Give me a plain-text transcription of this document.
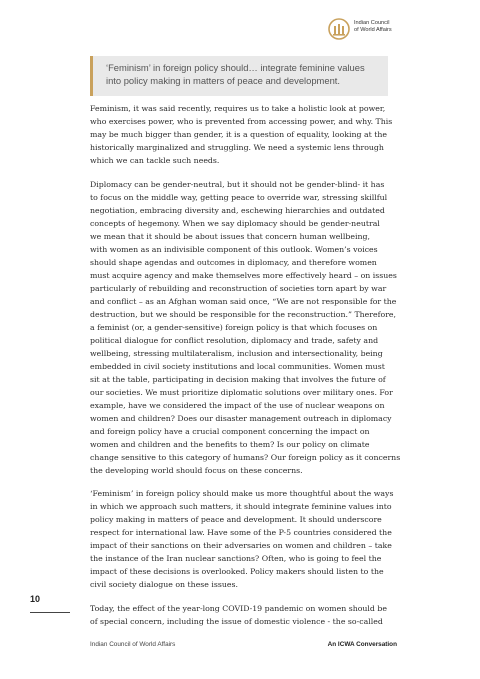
Indian Council
of World Affairs
‘Feminism’ in foreign policy should… integrate feminine values
into policy making in matters of peace and development.

Feminism, it was said recently, requires us to take a holistic look at power,
who exercises power, who is prevented from accessing power, and why. This
may be much bigger than gender, it is a question of equality, looking at the
historically marginalized and struggling. We need a systemic lens through
which we can tackle such needs.

Diplomacy can be gender-neutral, but it should not be gender-blind- it has
to focus on the middle way, getting peace to override war, stressing skillful
negotiation, embracing diversity and, eschewing hierarchies and outdated
concepts of hegemony. When we say diplomacy should be gender-neutral
we mean that it should be about issues that concern human wellbeing,
with women as an indivisible component of this outlook. Women’s voices
should shape agendas and outcomes in diplomacy, and therefore women
must acquire agency and make themselves more effectively heard – on issues
particularly of rebuilding and reconstruction of societies torn apart by war
and conflict – as an Afghan woman said once, “We are not responsible for the
destruction, but we should be responsible for the reconstruction.” Therefore,
a feminist (or, a gender-sensitive) foreign policy is that which focuses on
political dialogue for conflict resolution, diplomacy and trade, safety and
wellbeing, stressing multilateralism, inclusion and intersectionality, being
embedded in civil society institutions and local communities. Women must
sit at the table, participating in decision making that involves the future of
our societies. We must prioritize diplomatic solutions over military ones. For
example, have we considered the impact of the use of nuclear weapons on
women and children? Does our disaster management outreach in diplomacy
and foreign policy have a crucial component concerning the impact on
women and children and the benefits to them? Is our policy on climate
change sensitive to this category of humans? Our foreign policy as it concerns
the developing world should focus on these concerns.

‘Feminism’ in foreign policy should make us more thoughtful about the ways
in which we approach such matters, it should integrate feminine values into
policy making in matters of peace and development. It should underscore
respect for international law. Have some of the P-5 countries considered the
impact of their sanctions on their adversaries on women and children – take
the instance of the Iran nuclear sanctions? Often, who is going to feel the
impact of these decisions is overlooked. Policy makers should listen to the
civil society dialogue on these issues.

Today, the effect of the year-long COVID-19 pandemic on women should be
of special concern, including the issue of domestic violence - the so-called

10
Indian Council of World Affairs	An ICWA Conversation
